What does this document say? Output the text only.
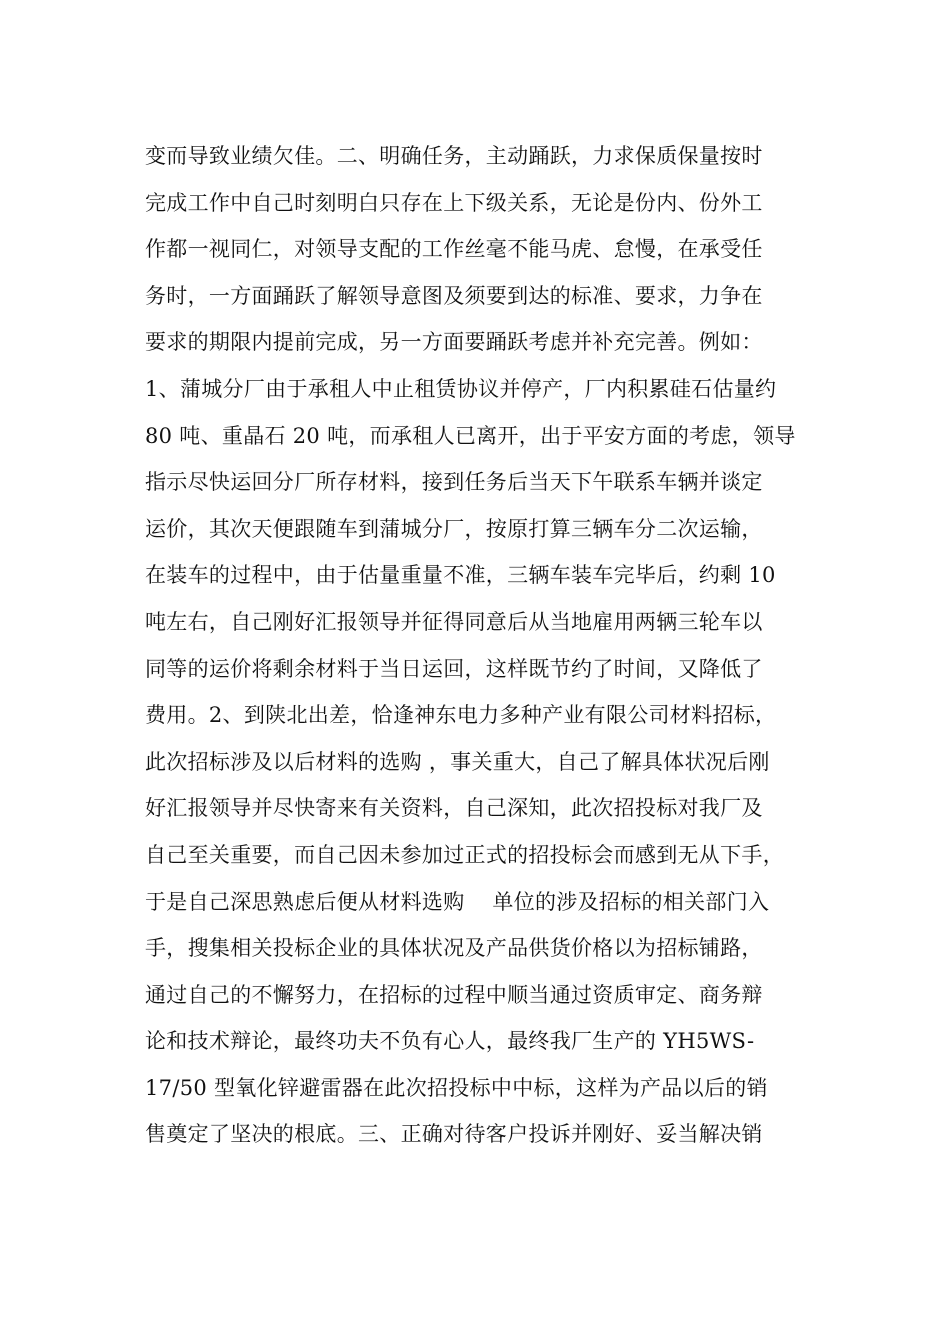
变而导致业绩欠佳。二、明确任务，主动踊跃，力求保质保量按时
完成工作中自己时刻明白只存在上下级关系，无论是份内、份外工
作都一视同仁，对领导支配的工作丝毫不能马虎、怠慢，在承受任
务时，一方面踊跃了解领导意图及须要到达的标准、要求，力争在
要求的期限内提前完成，另一方面要踊跃考虑并补充完善。例如：
1、蒲城分厂由于承租人中止租赁协议并停产，厂内积累硅石估量约
80 吨、重晶石 20 吨，而承租人已离开，出于平安方面的考虑，领导
指示尽快运回分厂所存材料，接到任务后当天下午联系车辆并谈定
运价，其次天便跟随车到蒲城分厂，按原打算三辆车分二次运输，
在装车的过程中，由于估量重量不准，三辆车装车完毕后，约剩 10
吨左右，自己刚好汇报领导并征得同意后从当地雇用两辆三轮车以
同等的运价将剩余材料于当日运回，这样既节约了时间，又降低了
费用。2、到陕北出差，恰逢神东电力多种产业有限公司材料招标，
此次招标涉及以后材料的选购 ，事关重大，自己了解具体状况后刚
好汇报领导并尽快寄来有关资料，自己深知，此次招投标对我厂及
自己至关重要，而自己因未参加过正式的招投标会而感到无从下手，
于是自己深思熟虑后便从材料选购    单位的涉及招标的相关部门入
手，搜集相关投标企业的具体状况及产品供货价格以为招标铺路，
通过自己的不懈努力，在招标的过程中顺当通过资质审定、商务辩
论和技术辩论，最终功夫不负有心人，最终我厂生产的 YH5WS-
17/50 型氧化锌避雷器在此次招投标中中标，这样为产品以后的销
售奠定了坚决的根底。三、正确对待客户投诉并刚好、妥当解决销
